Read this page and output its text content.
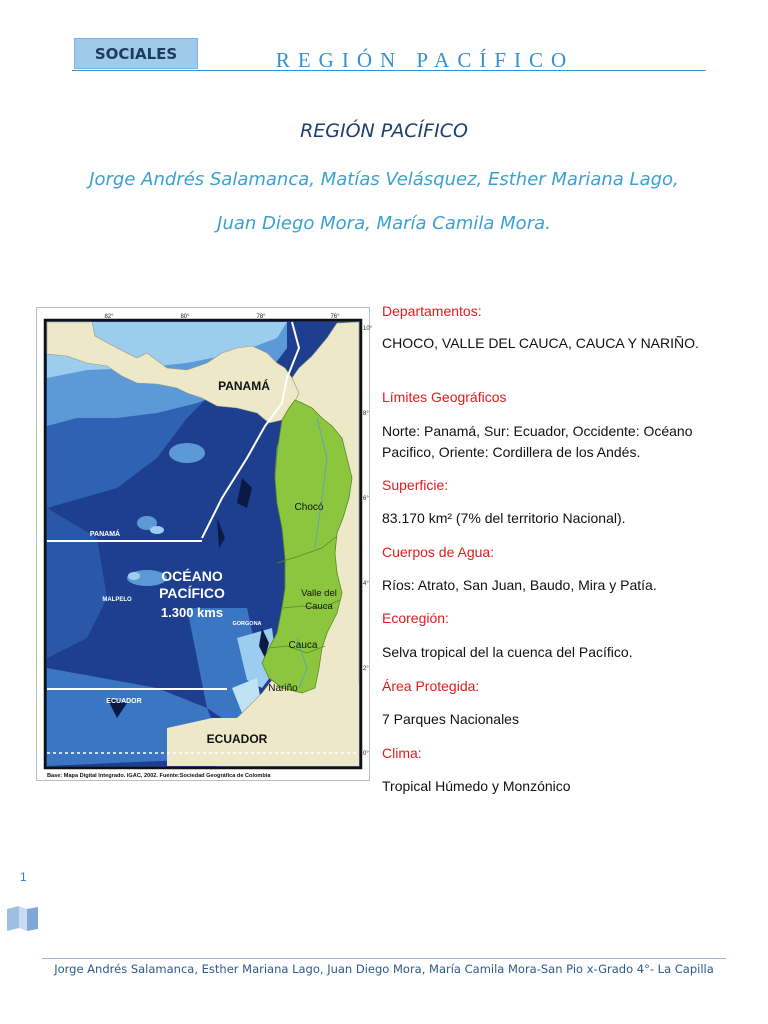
SOCIALES	REGIÓN PACÍFICO
REGIÓN PACÍFICO
Jorge Andrés Salamanca, Matías Velásquez, Esther Mariana Lago,
Juan Diego Mora, María Camila Mora.
82°	80°	78°	76°
10°
8°
6°
4°
2°
0°
PANAMÁ
PANAMÁ
OCÉANO
PACÍFICO
1.300 kms
MALPELO
GORGONA
ECUADOR
ECUADOR
Chocó
Valle del
Cauca
Cauca
Nariño
Base: Mapa Digital Integrado. IGAC, 2002. Fuente:Sociedad Geográfica de Colombia
Departamentos:
CHOCO, VALLE DEL CAUCA, CAUCA Y NARIÑO.
Límites Geográficos
Norte: Panamá, Sur: Ecuador, Occidente: Océano Pacifico, Oriente: Cordillera de los Andés.
Superficie:
83.170 km² (7% del territorio Nacional).
Cuerpos de Agua:
Ríos: Atrato, San Juan, Baudo, Mira y Patía.
Ecoregión:
Selva tropical del la cuenca del Pacífico.
Área Protegida:
7 Parques Nacionales
Clima:
Tropical Húmedo y Monzónico
1
Jorge Andrés Salamanca, Esther Mariana Lago, Juan Diego Mora, María Camila Mora-San Pio x-Grado 4°- La Capilla
